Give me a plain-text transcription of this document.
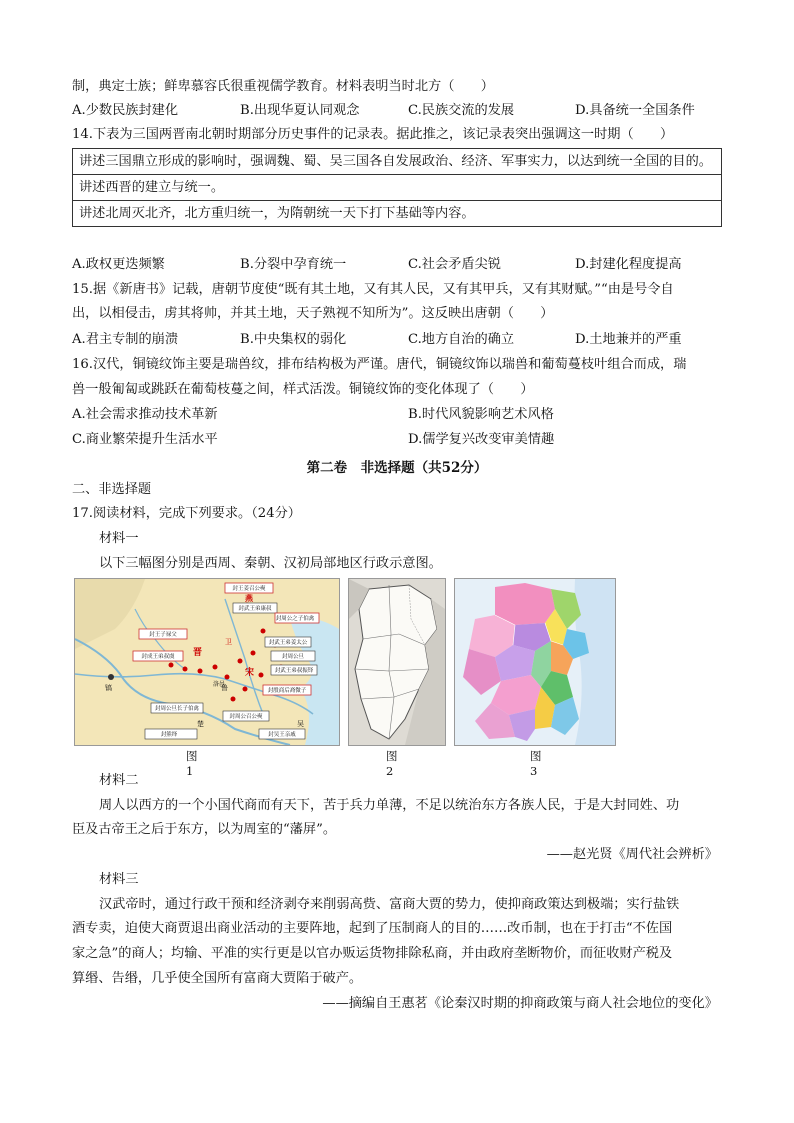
制，典定士族；鲜卑慕容氏很重视儒学教育。材料表明当时北方（　　）
A.少数民族封建化	B.出现华夏认同观念	C.民族交流的发展	D.具备统一全国条件
14.下表为三国两晋南北朝时期部分历史事件的记录表。据此推之，该记录表突出强调这一时期（　　）
讲述三国鼎立形成的影响时，强调魏、蜀、吴三国各自发展政治、经济、军事实力，以达到统一全国的目的。
讲述西晋的建立与统一。
讲述北周灭北齐，北方重归统一，为隋朝统一天下打下基础等内容。
A.政权更迭频繁	B.分裂中孕育统一	C.社会矛盾尖锐	D.封建化程度提高
15.据《新唐书》记载，唐朝节度使“既有其土地，又有其人民，又有其甲兵，又有其财赋。”“由是号令自
出，以相侵击，虏其将帅，并其土地，天子熟视不知所为”。这反映出唐朝（　　）
A.君主专制的崩溃	B.中央集权的弱化	C.地方自治的确立	D.土地兼并的严重
16.汉代，铜镜纹饰主要是瑞兽纹，排布结构极为严谨。唐代，铜镜纹饰以瑞兽和葡萄蔓枝叶组合而成，瑞
兽一般匍匐或跳跃在葡萄枝蔓之间，样式活泼。铜镜纹饰的变化体现了（　　）
A.社会需求推动技术革新	B.时代风貌影响艺术风格
C.商业繁荣提升生活水平	D.儒学复兴改变审美情趣
第二卷　非选择题（共52分）
二、非选择题
17.阅读材料，完成下列要求。（24分）
材料一
以下三幅图分别是西周、秦朝、汉初局部地区行政示意图。
封王姜召公奭
燕
封王子禄父
封武王弟康叔
卫
晋
宋
封成王弟叔虞
封殷商后裔微子
封周公之子伯禽
封武王弟姜太公
鲁
封周公旦
封武王弟叔振铎
封周公旦长子伯禽
封熊绎
封周公召公奭
镐	洛邑
楚	吴
封吴王亲戚
图1
图2
图3
材料二
周人以西方的一个小国代商而有天下，苦于兵力单薄，不足以统治东方各族人民，于是大封同姓、功
臣及古帝王之后于东方，以为周室的“藩屏”。
——赵光贤《周代社会辨析》
材料三
汉武帝时，通过行政干预和经济剥夺来削弱高赀、富商大贾的势力，使抑商政策达到极端；实行盐铁
酒专卖，迫使大商贾退出商业活动的主要阵地，起到了压制商人的目的……改币制，也在于打击“不佐国
家之急”的商人；均输、平准的实行更是以官办贩运货物排除私商，并由政府垄断物价，而征收财产税及
算缗、告缗，几乎使全国所有富商大贾陷于破产。
——摘编自王惠茗《论秦汉时期的抑商政策与商人社会地位的变化》
